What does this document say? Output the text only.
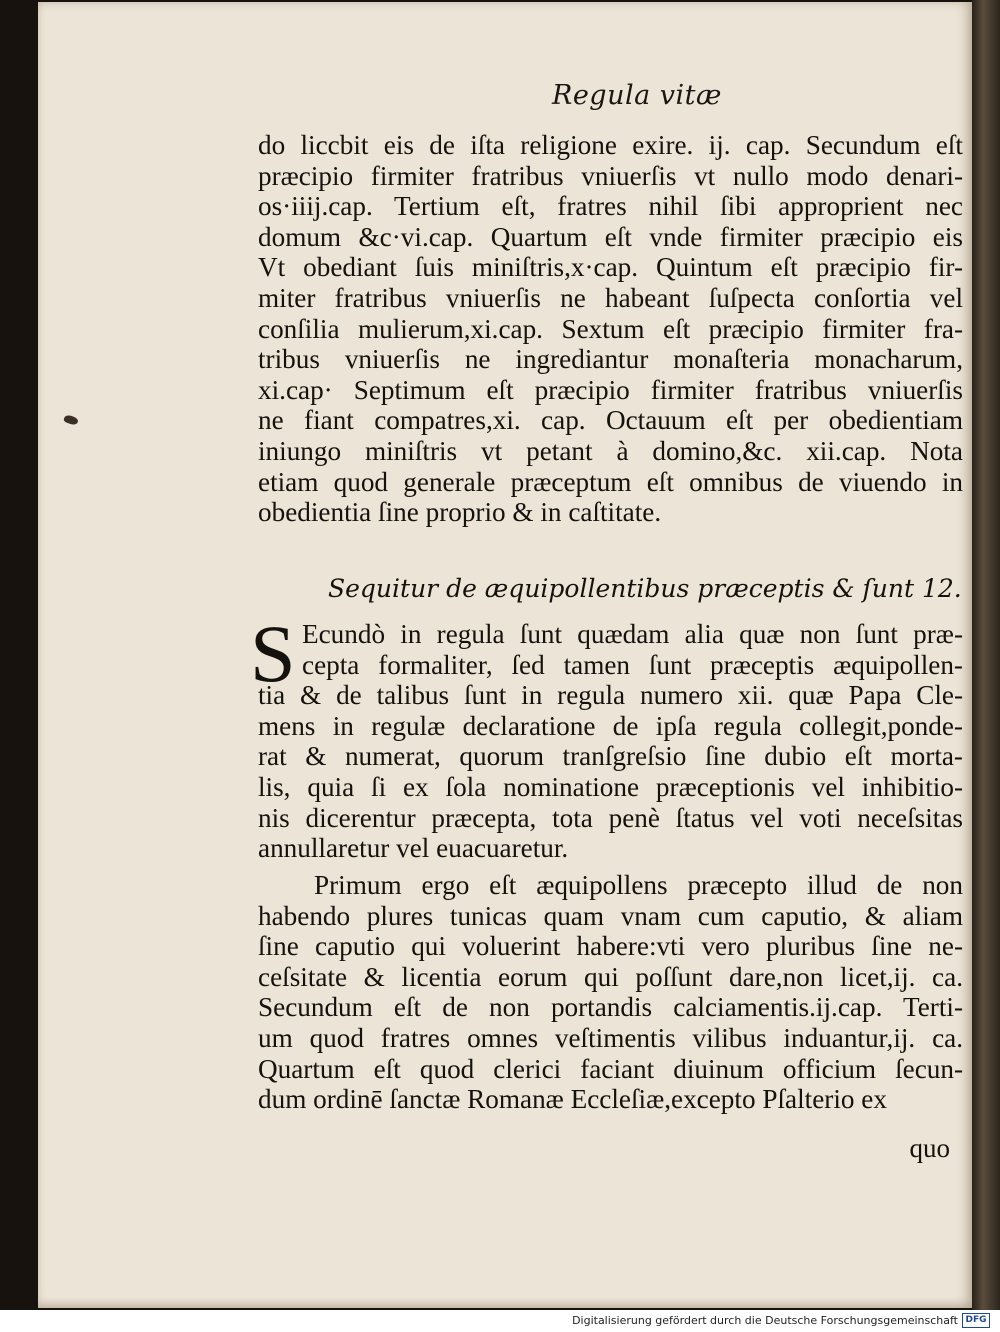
Regula vitæ
do liccbit eis de iſta religione exire. ij. cap. Secundum eſt
præcipio firmiter fratribus vniuerſis vt nullo modo denari-
os·iiij.cap. Tertium eſt, fratres nihil ſibi approprient nec
domum &c·vi.cap. Quartum eſt vnde firmiter præcipio eis
Vt obediant ſuis miniſtris,x·cap. Quintum eſt præcipio fir-
miter fratribus vniuerſis ne habeant ſuſpecta conſortia vel
conſilia mulierum,xi.cap. Sextum eſt præcipio firmiter fra-
tribus vniuerſis ne ingrediantur monaſteria monacharum,
xi.cap· Septimum eſt præcipio firmiter fratribus vniuerſis
ne fiant compatres,xi. cap. Octauum eſt per obedientiam
iniungo miniſtris vt petant à domino,&c. xii.cap. Nota
etiam quod generale præceptum eſt omnibus de viuendo in
obedientia ſine proprio & in caſtitate.
Sequitur de æquipollentibus præceptis & ſunt 12.
S Ecundò in regula ſunt quædam alia quæ non ſunt præ-
cepta formaliter, ſed tamen ſunt præceptis æquipollen-
tia & de talibus ſunt in regula numero xii. quæ Papa Cle-
mens in regulæ declaratione de ipſa regula collegit,ponde-
rat & numerat, quorum tranſgreſsio ſine dubio eſt morta-
lis, quia ſi ex ſola nominatione præceptionis vel inhibitio-
nis dicerentur præcepta, tota penè ſtatus vel voti neceſsitas
annullaretur vel euacuaretur.
Primum ergo eſt æquipollens præcepto illud de non
habendo plures tunicas quam vnam cum caputio, & aliam
ſine caputio qui voluerint habere:vti vero pluribus ſine ne-
ceſsitate & licentia eorum qui poſſunt dare,non licet,ij. ca.
Secundum eſt de non portandis calciamentis.ij.cap. Terti-
um quod fratres omnes veſtimentis vilibus induantur,ij. ca.
Quartum eſt quod clerici faciant diuinum officium ſecun-
dum ordinē ſanctæ Romanæ Eccleſiæ,excepto Pſalterio ex
quo
Digitalisierung gefördert durch die Deutsche Forschungsgemeinschaft DFG
